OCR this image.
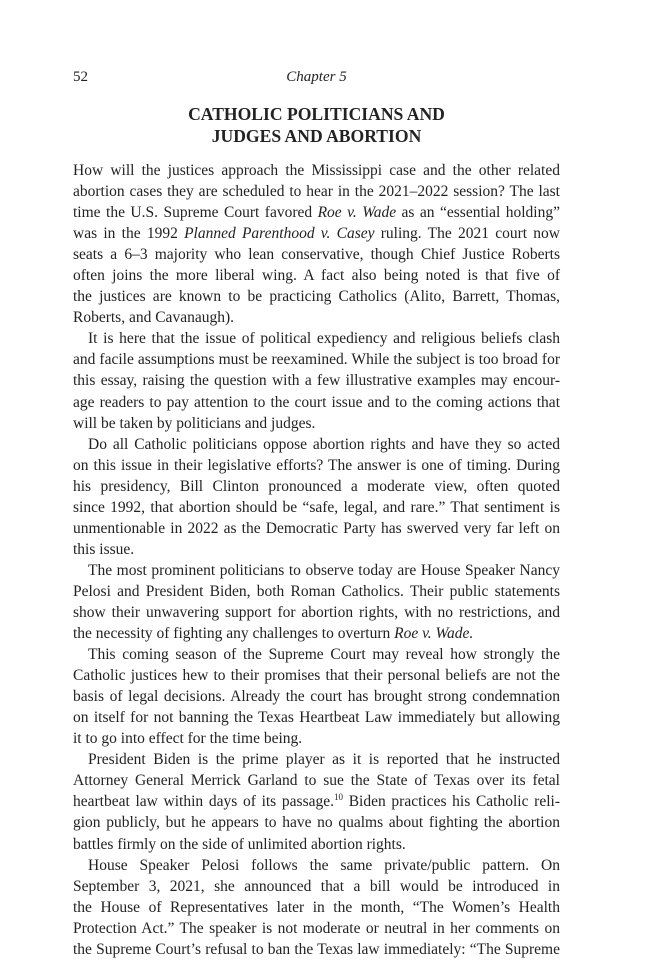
52	Chapter 5
CATHOLIC POLITICIANS AND
JUDGES AND ABORTION
How will the justices approach the Mississippi case and the other related
abortion cases they are scheduled to hear in the 2021–2022 session? The last
time the U.S. Supreme Court favored Roe v. Wade as an “essential holding”
was in the 1992 Planned Parenthood v. Casey ruling. The 2021 court now
seats a 6–3 majority who lean conservative, though Chief Justice Roberts
often joins the more liberal wing. A fact also being noted is that five of
the justices are known to be practicing Catholics (Alito, Barrett, Thomas,
Roberts, and Cavanaugh).
It is here that the issue of political expediency and religious beliefs clash
and facile assumptions must be reexamined. While the subject is too broad for
this essay, raising the question with a few illustrative examples may encour-
age readers to pay attention to the court issue and to the coming actions that
will be taken by politicians and judges.
Do all Catholic politicians oppose abortion rights and have they so acted
on this issue in their legislative efforts? The answer is one of timing. During
his presidency, Bill Clinton pronounced a moderate view, often quoted
since 1992, that abortion should be “safe, legal, and rare.” That sentiment is
unmentionable in 2022 as the Democratic Party has swerved very far left on
this issue.
The most prominent politicians to observe today are House Speaker Nancy
Pelosi and President Biden, both Roman Catholics. Their public statements
show their unwavering support for abortion rights, with no restrictions, and
the necessity of fighting any challenges to overturn Roe v. Wade.
This coming season of the Supreme Court may reveal how strongly the
Catholic justices hew to their promises that their personal beliefs are not the
basis of legal decisions. Already the court has brought strong condemnation
on itself for not banning the Texas Heartbeat Law immediately but allowing
it to go into effect for the time being.
President Biden is the prime player as it is reported that he instructed
Attorney General Merrick Garland to sue the State of Texas over its fetal
heartbeat law within days of its passage.$^{10}$ Biden practices his Catholic reli-
gion publicly, but he appears to have no qualms about fighting the abortion
battles firmly on the side of unlimited abortion rights.
House Speaker Pelosi follows the same private/public pattern. On
September 3, 2021, she announced that a bill would be introduced in
the House of Representatives later in the month, “The Women’s Health
Protection Act.” The speaker is not moderate or neutral in her comments on
the Supreme Court’s refusal to ban the Texas law immediately: “The Supreme
